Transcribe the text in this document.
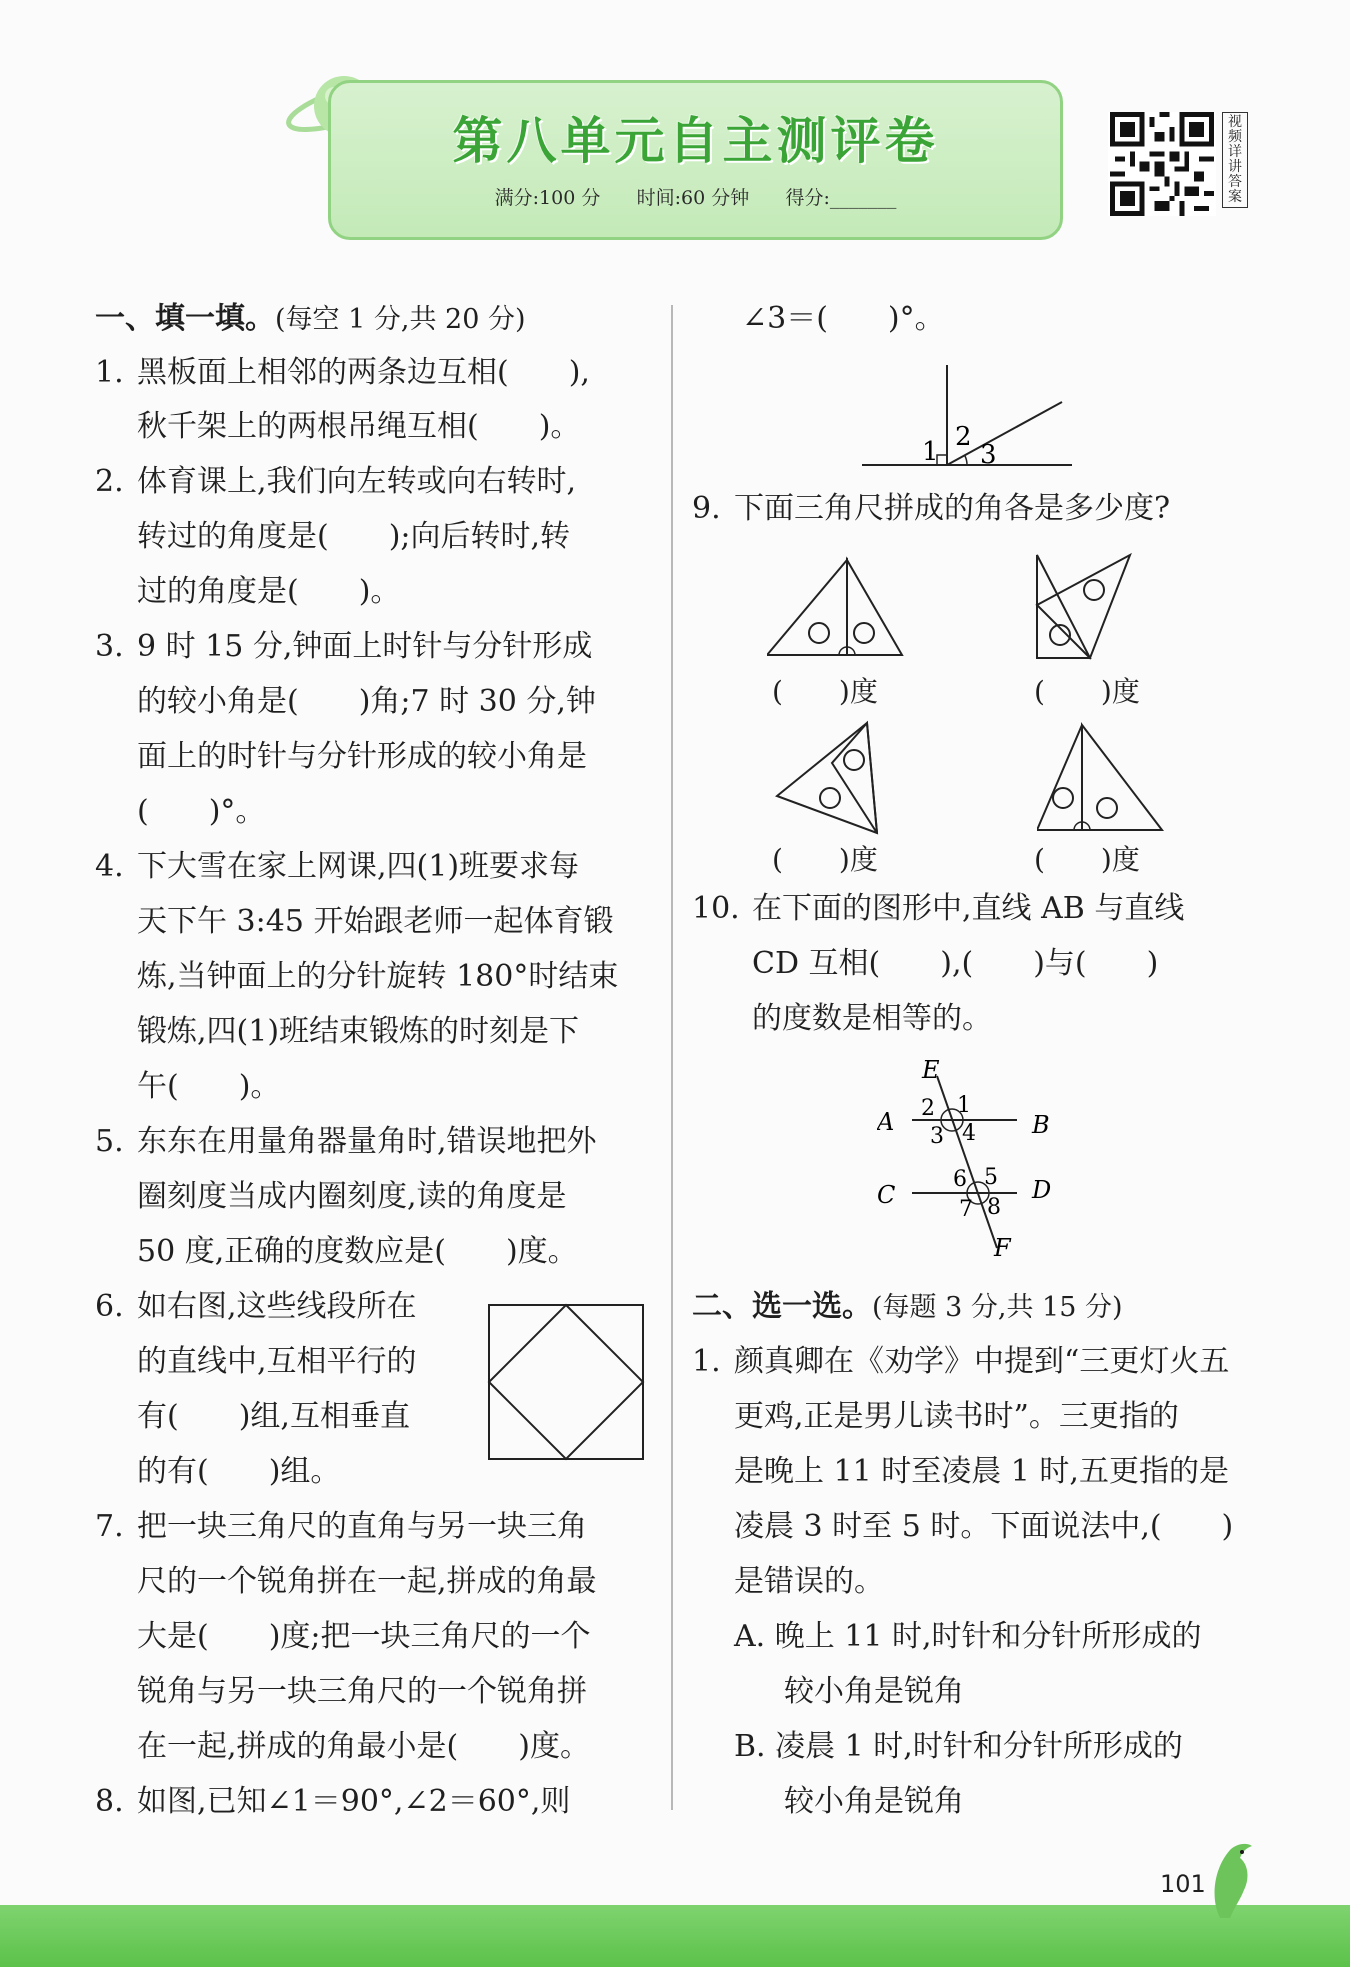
第八单元自主测评卷
满分:100 分 时间:60 分钟 得分:_______
视频详讲答案
一、填一填。(每空 1 分,共 20 分)
1. 黑板面上相邻的两条边互相(　　),
秋千架上的两根吊绳互相(　　)。
2. 体育课上,我们向左转或向右转时,
转过的角度是(　　);向后转时,转
过的角度是(　　)。
3. 9 时 15 分,钟面上时针与分针形成
的较小角是(　　)角;7 时 30 分,钟
面上的时针与分针形成的较小角是
(　　)°。
4. 下大雪在家上网课,四(1)班要求每
天下午 3:45 开始跟老师一起体育锻
炼,当钟面上的分针旋转 180°时结束
锻炼,四(1)班结束锻炼的时刻是下
午(　　)。
5. 东东在用量角器量角时,错误地把外
圈刻度当成内圈刻度,读的角度是
50 度,正确的度数应是(　　)度。
6. 如右图,这些线段所在
的直线中,互相平行的
有(　　)组,互相垂直
的有(　　)组。
7. 把一块三角尺的直角与另一块三角
尺的一个锐角拼在一起,拼成的角最
大是(　　)度;把一块三角尺的一个
锐角与另一块三角尺的一个锐角拼
在一起,拼成的角最小是(　　)度。
8. 如图,已知∠1＝90°,∠2＝60°,则
∠3＝(　　)°。
1 2
3
9. 下面三角尺拼成的角各是多少度?
(　　)度	(　　)度
(　　)度	(　　)度
10. 在下面的图形中,直线 AB 与直线
CD 互相(　　),(　　)与(　　)
的度数是相等的。
E
A	B
C	D
F
2 1
3 4
6 5
7 8
二、选一选。(每题 3 分,共 15 分)
1. 颜真卿在《劝学》中提到“三更灯火五
更鸡,正是男儿读书时”。三更指的
是晚上 11 时至凌晨 1 时,五更指的是
凌晨 3 时至 5 时。下面说法中,(　　)
是错误的。
A. 晚上 11 时,时针和分针所形成的
较小角是锐角
B. 凌晨 1 时,时针和分针所形成的
较小角是锐角
101
